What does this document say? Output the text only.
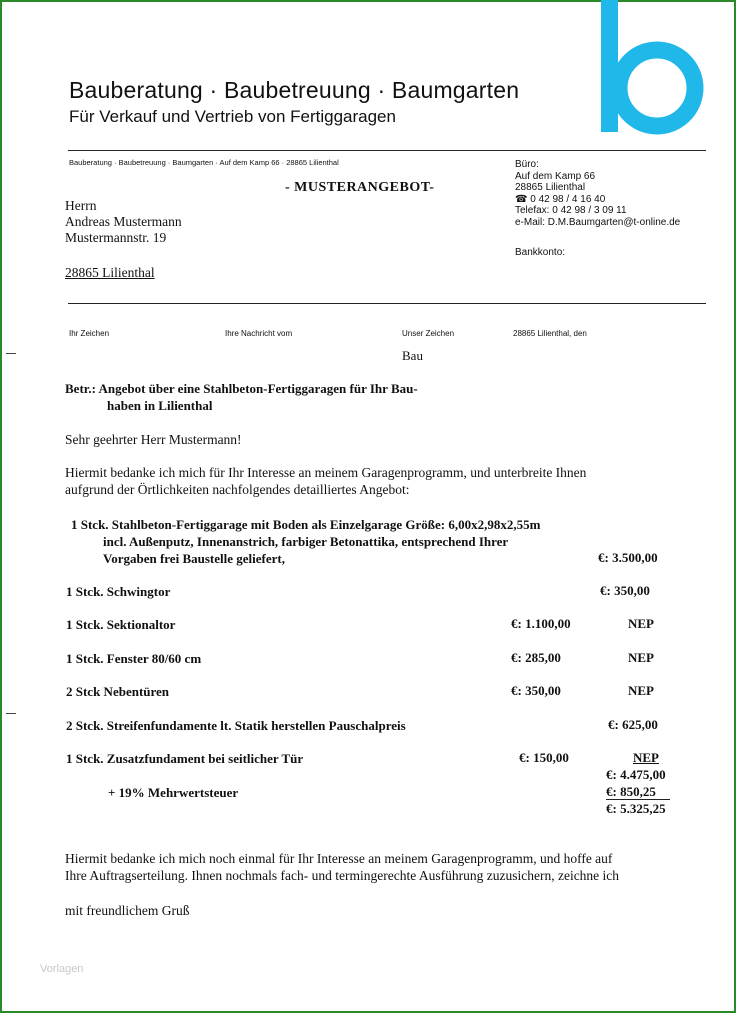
Bauberatung · Baubetreuung · Baumgarten
Für Verkauf und Vertrieb von Fertiggaragen
Bauberatung · Baubetreuung · Baumgarten · Auf dem Kamp 66 · 28865 Lilienthal	Büro:
Auf dem Kamp 66
28865 Lilienthal
☎ 0 42 98 / 4 16 40
Telefax: 0 42 98 / 3 09 11
e-Mail: D.M.Baumgarten@t-online.de
Bankkonto:
- MUSTERANGEBOT-
Herrn
Andreas Mustermann
Mustermannstr. 19
28865 Lilienthal
Ihr Zeichen	Ihre Nachricht vom	Unser Zeichen	28865 Lilienthal, den
Bau
Betr.: Angebot über eine Stahlbeton-Fertiggaragen für Ihr Bau-
haben in Lilienthal
Sehr geehrter Herr Mustermann!
Hiermit bedanke ich mich für Ihr Interesse an meinem Garagenprogramm, und unterbreite Ihnen
aufgrund der Örtlichkeiten nachfolgendes detailliertes Angebot:
1 Stck. Stahlbeton-Fertiggarage mit Boden als Einzelgarage Größe: 6,00x2,98x2,55m
incl. Außenputz, Innenanstrich, farbiger Betonattika, entsprechend Ihrer
Vorgaben frei Baustelle geliefert,	€: 3.500,00
1 Stck. Schwingtor	€: 350,00
1 Stck. Sektionaltor	€: 1.100,00	NEP
1 Stck. Fenster 80/60 cm	€: 285,00	NEP
2 Stck Nebentüren	€: 350,00	NEP
2 Stck. Streifenfundamente lt. Statik herstellen Pauschalpreis	€: 625,00
1 Stck. Zusatzfundament bei seitlicher Tür	€: 150,00	NEP
€: 4.475,00
+ 19% Mehrwertsteuer	€: 850,25
€: 5.325,25
Hiermit bedanke ich mich noch einmal für Ihr Interesse an meinem Garagenprogramm, und hoffe auf
Ihre Auftragserteilung. Ihnen nochmals fach- und termingerechte Ausführung zuzusichern, zeichne ich
mit freundlichem Gruß
Vorlagen
